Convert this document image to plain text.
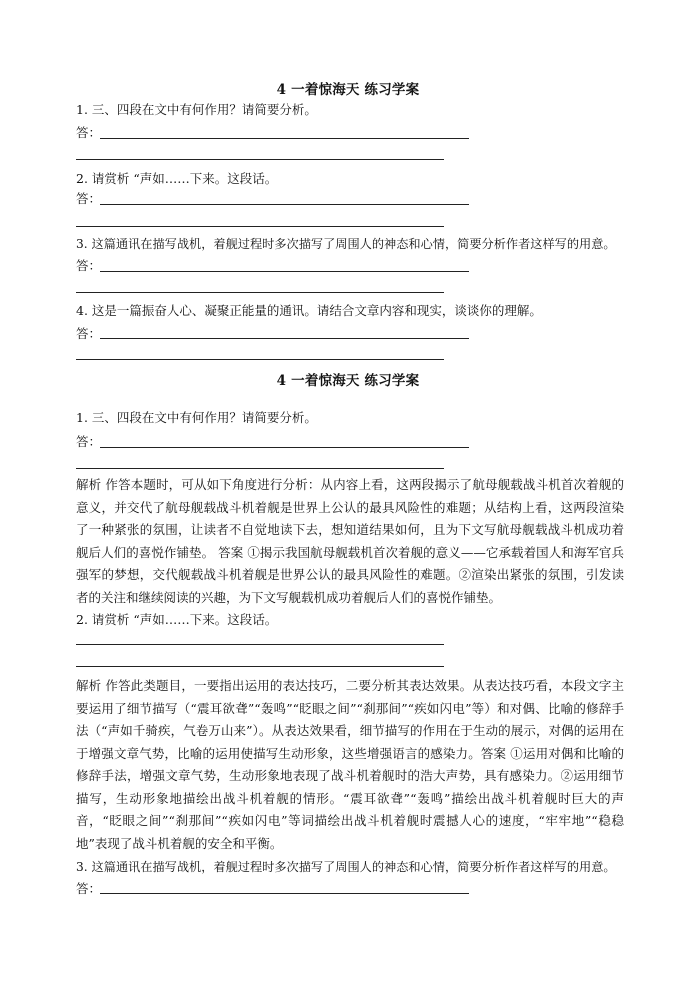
4 一着惊海天 练习学案
1. 三、四段在文中有何作用？请简要分析。
答：
2. 请赏析 “声如……下来。这段话。
答：
3. 这篇通讯在描写战机，着舰过程时多次描写了周围人的神态和心情，简要分析作者这样写的用意。
答：
4. 这是一篇振奋人心、凝聚正能量的通讯。请结合文章内容和现实，谈谈你的理解。
答：
4 一着惊海天 练习学案
1. 三、四段在文中有何作用？请简要分析。
答：
解析 作答本题时，可从如下角度进行分析：从内容上看，这两段揭示了航母舰载战斗机首次着舰的意义，并交代了航母舰载战斗机着舰是世界上公认的最具风险性的难题；从结构上看，这两段渲染了一种紧张的氛围，让读者不自觉地读下去，想知道结果如何，且为下文写航母舰载战斗机成功着舰后人们的喜悦作铺垫。 答案 ①揭示我国航母舰载机首次着舰的意义——它承载着国人和海军官兵强军的梦想，交代舰载战斗机着舰是世界公认的最具风险性的难题。②渲染出紧张的氛围，引发读者的关注和继续阅读的兴趣，为下文写舰载机成功着舰后人们的喜悦作铺垫。
2. 请赏析 “声如……下来。这段话。
解析 作答此类题目，一要指出运用的表达技巧，二要分析其表达效果。从表达技巧看，本段文字主要运用了细节描写（“震耳欲聋”“轰鸣”“眨眼之间”“刹那间”“疾如闪电”等）和对偶、比喻的修辞手法（“声如千骑疾，气卷万山来”）。从表达效果看，细节描写的作用在于生动的展示，对偶的运用在于增强文章气势，比喻的运用使描写生动形象，这些增强语言的感染力。答案 ①运用对偶和比喻的修辞手法，增强文章气势，生动形象地表现了战斗机着舰时的浩大声势，具有感染力。②运用细节描写，生动形象地描绘出战斗机着舰的情形。“震耳欲聋”“轰鸣”描绘出战斗机着舰时巨大的声音，“眨眼之间”“刹那间”“疾如闪电”等词描绘出战斗机着舰时震撼人心的速度，“牢牢地”“稳稳地”表现了战斗机着舰的安全和平衡。
3. 这篇通讯在描写战机，着舰过程时多次描写了周围人的神态和心情，简要分析作者这样写的用意。
答：
